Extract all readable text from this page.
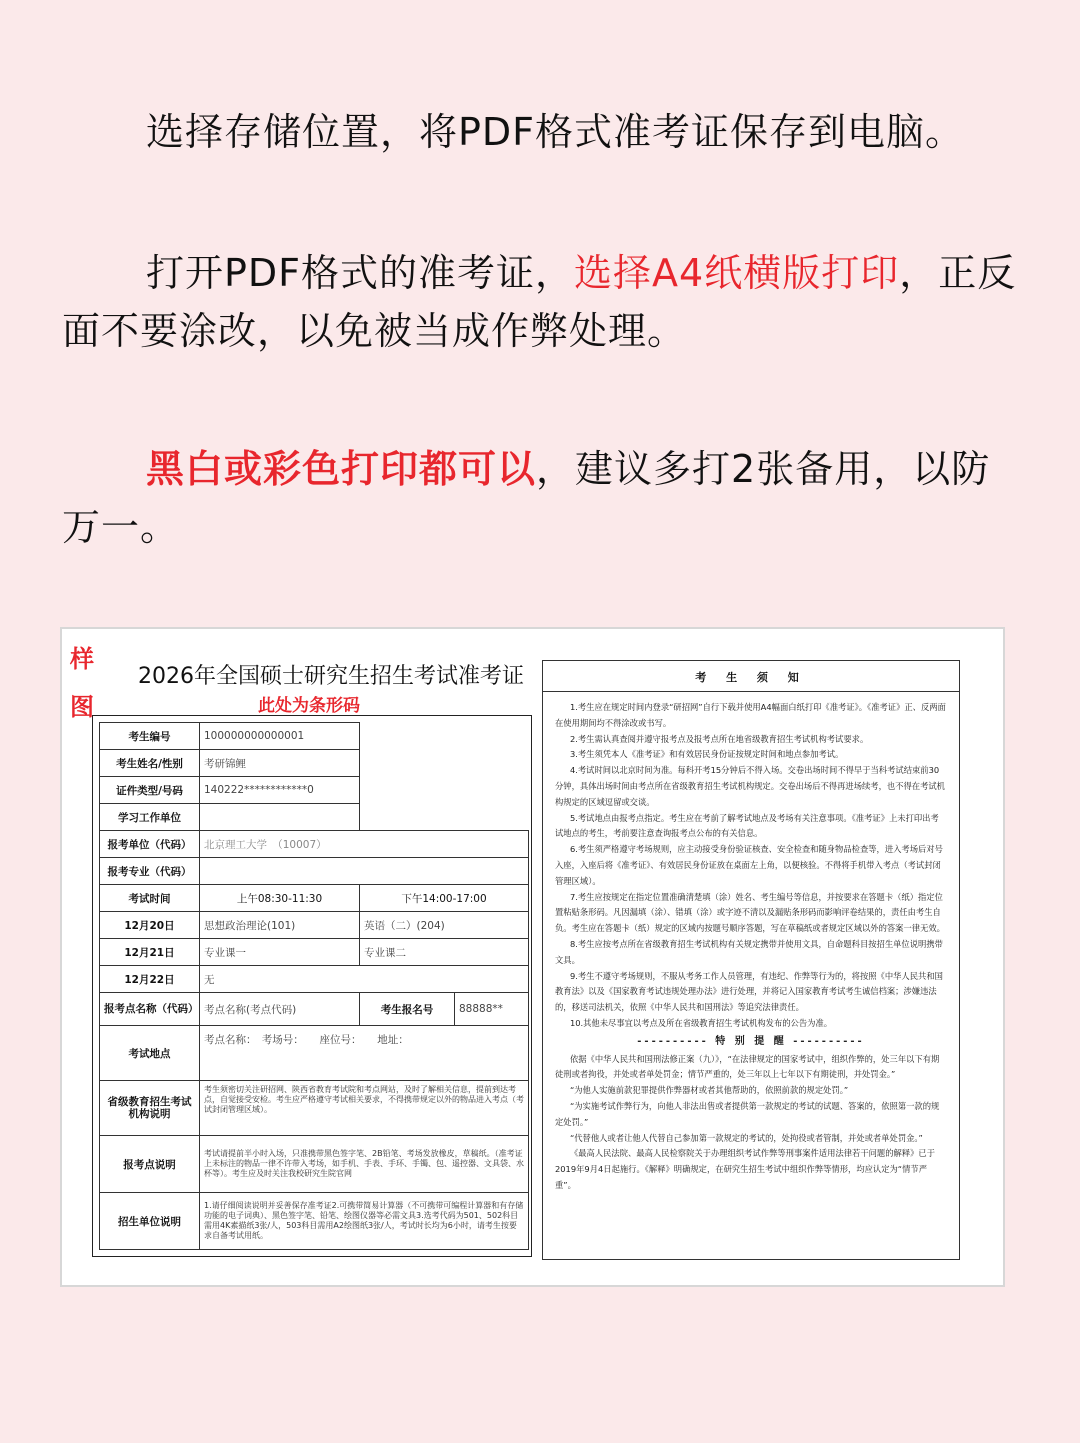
选择存储位置，将PDF格式准考证保存到电脑。
打开PDF格式的准考证，选择A4纸横版打印，正反面不要涂改，以免被当成作弊处理。
黑白或彩色打印都可以，建议多打2张备用，以防万一。
样图
2026年全国硕士研究生招生考试准考证
此处为条形码
考生编号	100000000000001		
考生姓名/性别	考研锦鲤		
证件类型/号码	140222************0		
学习工作单位			
报考单位（代码）	北京理工大学　（10007）		
报考专业（代码）			
考试时间	上午08:30-11:30	下午14:00-17:00	
12月20日	思想政治理论(101)	英语（二）(204)	
12月21日	专业课一	专业课二	
12月22日	无		
报考点名称（代码）	考点名称(考点代码)	考生报名号	88888**
考试地点	考点名称：　考场号：　　座位号：　　地址：		
省级教育招生考试机构说明	考生须密切关注研招网、陕西省教育考试院和考点网站，及时了解相关信息，提前到达考点，自觉接受安检。考生应严格遵守考试相关要求，不得携带规定以外的物品进入考点（考试封闭管理区域）。		
报考点说明	考试请提前半小时入场，只准携带黑色签字笔、2B铅笔、考场发放橡皮，草稿纸。（准考证上未标注的物品一律不许带入考场，如手机、手表、手环、手镯、包、遥控器、文具袋、水杯等）。考生应及时关注我校研究生院官网		
招生单位说明	1.请仔细阅读说明并妥善保存准考证2.可携带简易计算器（不可携带可编程计算器和有存储功能的电子词典）、黑色签字笔、铅笔、绘图仪器等必需文具3.选考代码为501、502科目需用4K素描纸3张/人，503科目需用A2绘图纸3张/人，考试时长均为6小时，请考生按要求自备考试用纸。		
考 生 须 知

1.考生应在规定时间内登录“研招网”自行下载并使用A4幅面白纸打印《准考证》。《准考证》正、反两面在使用期间均不得涂改或书写。

2.考生需认真查阅并遵守报考点及报考点所在地省级教育招生考试机构考试要求。

3.考生须凭本人《准考证》和有效居民身份证按规定时间和地点参加考试。

4.考试时间以北京时间为准。每科开考15分钟后不得入场。交卷出场时间不得早于当科考试结束前30分钟，具体出场时间由考点所在省级教育招生考试机构规定。交卷出场后不得再进场续考，也不得在考试机构规定的区域逗留或交谈。

5.考试地点由报考点指定。考生应在考前了解考试地点及考场有关注意事项。《准考证》上未打印出考试地点的考生，考前要注意查询报考点公布的有关信息。

6.考生须严格遵守考场规则，应主动接受身份验证核查、安全检查和随身物品检查等，进入考场后对号入座，入座后将《准考证》、有效居民身份证放在桌面左上角，以便核验。不得将手机带入考点（考试封闭管理区域）。

7.考生应按规定在指定位置准确清楚填（涂）姓名、考生编号等信息，并按要求在答题卡（纸）指定位置粘贴条形码。凡因漏填（涂）、错填（涂）或字迹不清以及漏贴条形码而影响评卷结果的，责任由考生自负。考生应在答题卡（纸）规定的区域内按题号顺序答题，写在草稿纸或者规定区域以外的答案一律无效。

8.考生应按考点所在省级教育招生考试机构有关规定携带并使用文具，自命题科目按招生单位说明携带文具。

9.考生不遵守考场规则，不服从考务工作人员管理，有违纪、作弊等行为的，将按照《中华人民共和国教育法》以及《国家教育考试违规处理办法》进行处理，并将记入国家教育考试考生诚信档案；涉嫌违法的，移送司法机关，依照《中华人民共和国刑法》等追究法律责任。

10.其他未尽事宜以考点及所在省级教育招生考试机构发布的公告为准。

---------- 特 别 提 醒 ----------

依据《中华人民共和国刑法修正案（九）》，“在法律规定的国家考试中，组织作弊的，处三年以下有期徒刑或者拘役，并处或者单处罚金；情节严重的，处三年以上七年以下有期徒刑，并处罚金。”

“为他人实施前款犯罪提供作弊器材或者其他帮助的，依照前款的规定处罚。”

“为实施考试作弊行为，向他人非法出售或者提供第一款规定的考试的试题、答案的，依照第一款的规定处罚。”

“代替他人或者让他人代替自己参加第一款规定的考试的，处拘役或者管制，并处或者单处罚金。”

《最高人民法院、最高人民检察院关于办理组织考试作弊等刑事案件适用法律若干问题的解释》已于2019年9月4日起施行。《解释》明确规定，在研究生招生考试中组织作弊等情形，均应认定为“情节严重”。
